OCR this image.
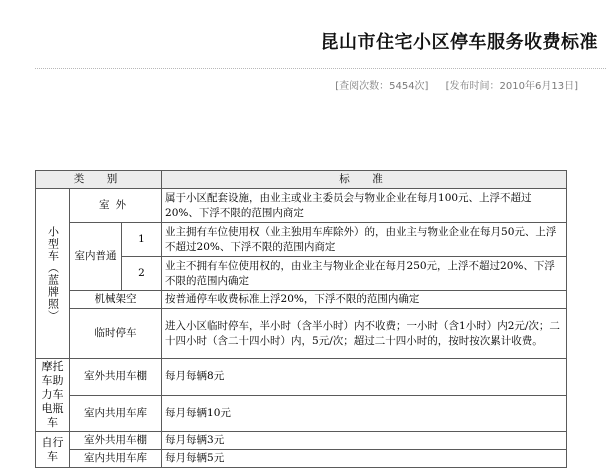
昆山市住宅小区停车服务收费标准
[查阅次数：5454次] [发布时间：2010年6月13日]
类　别			标　准

小型车（蓝牌照）	室外		属于小区配套设施，由业主或业主委员会与物业企业在每月100元、上浮不超过20%、下浮不限的范围内商定
	室内普通	1	业主拥有车位使用权（业主独用车库除外）的，由业主与物业企业在每月50元、上浮不超过20%、下浮不限的范围内商定
		2	业主不拥有车位使用权的，由业主与物业企业在每月250元，上浮不超过20%、下浮不限的范围内确定
	机械架空		按普通停车收费标准上浮20%，下浮不限的范围内确定
	临时停车		进入小区临时停车，半小时（含半小时）内不收费；一小时（含1小时）内2元/次；二十四小时（含二十四小时）内，5元/次；超过二十四小时的，按时按次累计收费。
摩托车助力车电瓶车	室外共用车棚		每月每辆8元
	室内共用车库		每月每辆10元
自行车	室外共用车棚		每月每辆3元
	室内共用车库		每月每辆5元
